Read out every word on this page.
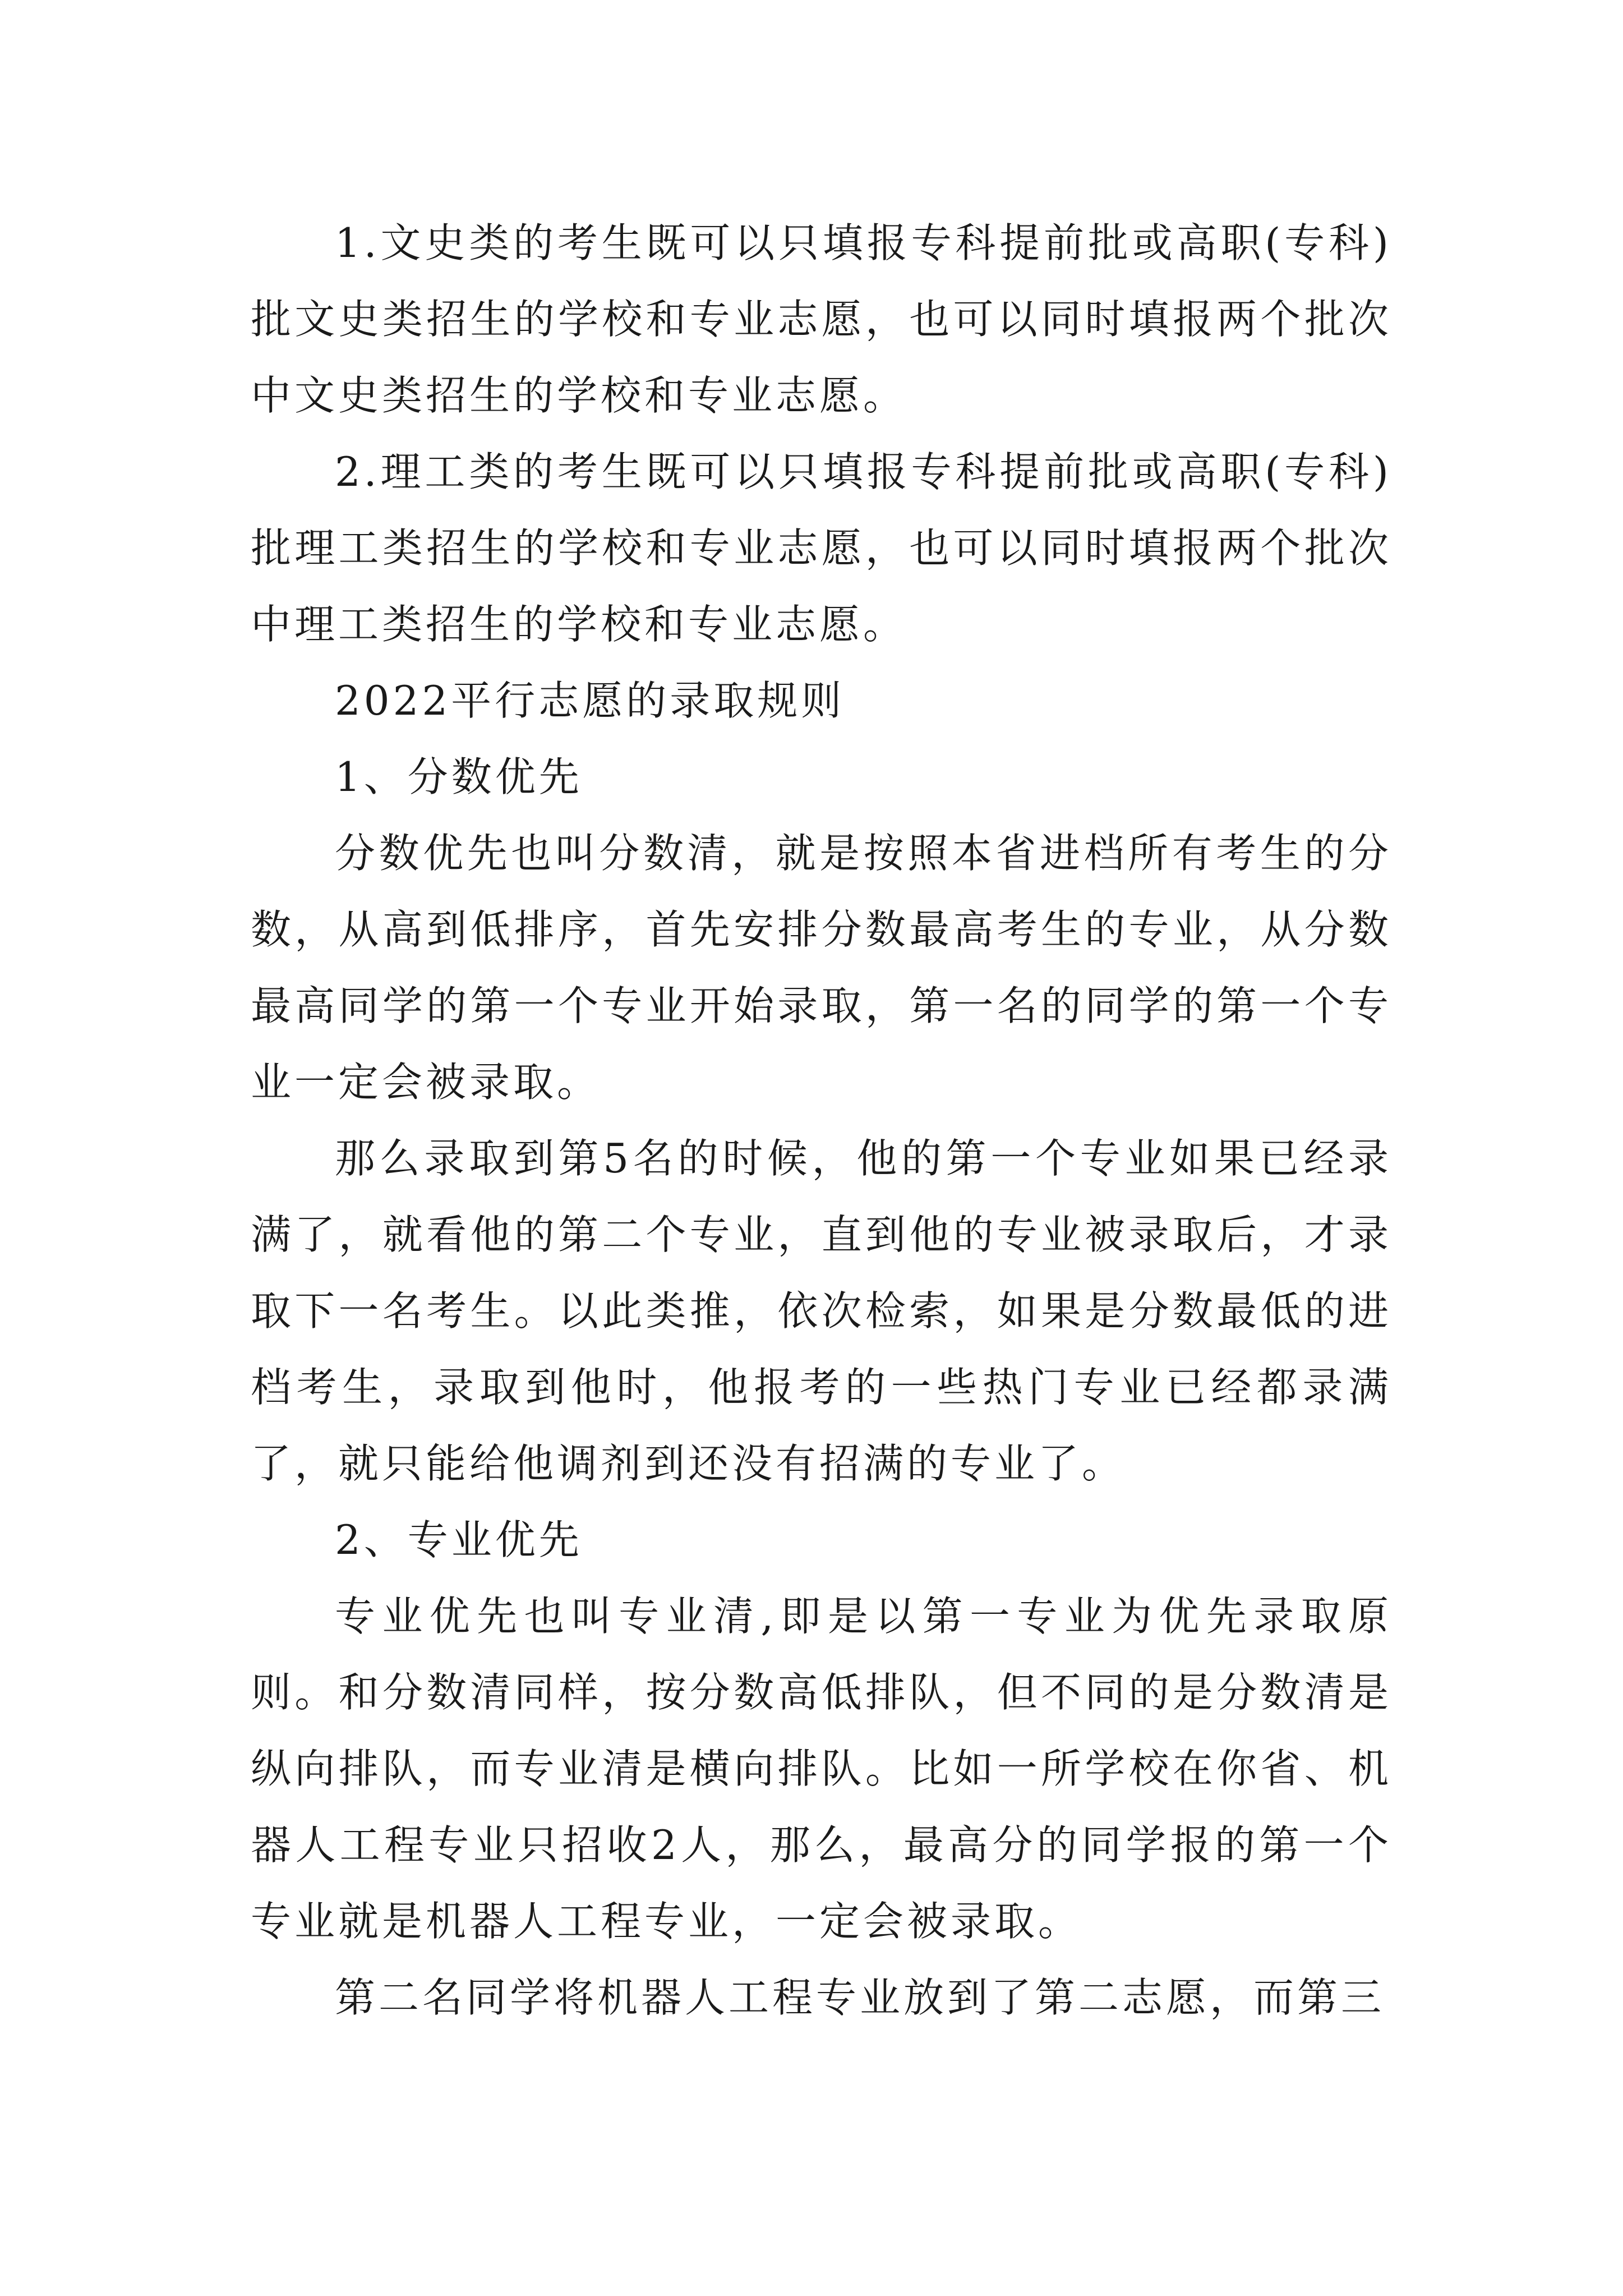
1.文史类的考生既可以只填报专科提前批或高职(专科)批文史类招生的学校和专业志愿，也可以同时填报两个批次中文史类招生的学校和专业志愿。

2.理工类的考生既可以只填报专科提前批或高职(专科)批理工类招生的学校和专业志愿，也可以同时填报两个批次中理工类招生的学校和专业志愿。

2022平行志愿的录取规则

1、分数优先

分数优先也叫分数清，就是按照本省进档所有考生的分数，从高到低排序，首先安排分数最高考生的专业，从分数最高同学的第一个专业开始录取，第一名的同学的第一个专业一定会被录取。

那么录取到第5名的时候，他的第一个专业如果已经录满了，就看他的第二个专业，直到他的专业被录取后，才录取下一名考生。以此类推，依次检索，如果是分数最低的进档考生，录取到他时，他报考的一些热门专业已经都录满了，就只能给他调剂到还没有招满的专业了。

2、专业优先

专业优先也叫专业清,即是以第一专业为优先录取原则。和分数清同样，按分数高低排队，但不同的是分数清是纵向排队，而专业清是横向排队。比如一所学校在你省、机器人工程专业只招收2人，那么，最高分的同学报的第一个专业就是机器人工程专业，一定会被录取。

第二名同学将机器人工程专业放到了第二志愿，而第三
